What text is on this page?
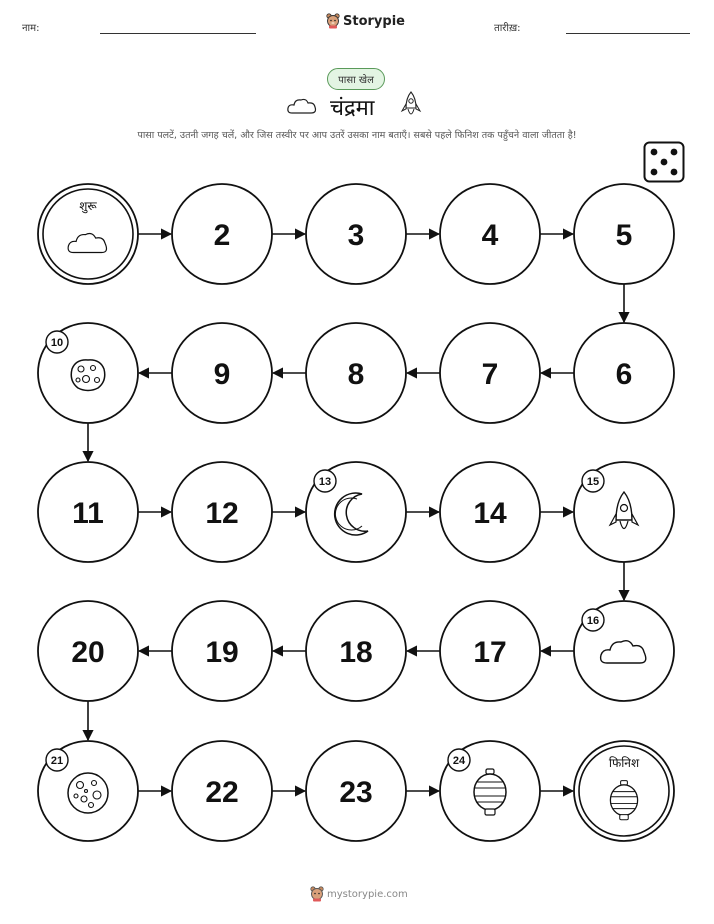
नाम:	Storypie	तारीख़:
पासा खेल
चंद्रमा
पासा पलटें, उतनी जगह चलें, और जिस तस्वीर पर आप उतरें उसका नाम बताएँ। सबसे पहले फिनिश तक पहुँचने वाला जीतता है!
शुरू
2	3	4	5
6
7
8
9
10
11	12
13
14
15
16
17
18
19
20
21
22	23
24	फिनिश
mystorypie.com
